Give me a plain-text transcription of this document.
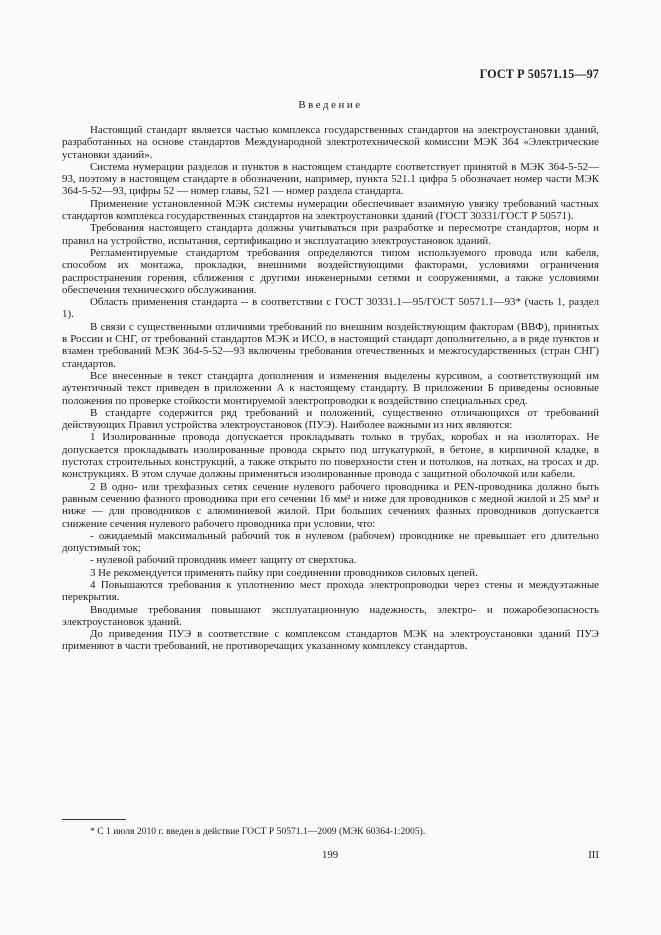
ГОСТ Р 50571.15—97
Введение

Настоящий стандарт является частью комплекса государственных стандартов на электроустановки зданий, разработанных на основе стандартов Международной электротехнической комиссии МЭК 364 «Электрические установки зданий».

Система нумерации разделов и пунктов в настоящем стандарте соответствует принятой в МЭК 364-5-52—93, поэтому в настоящем стандарте в обозначении, например, пункта 521.1 цифра 5 обозначает номер части МЭК 364-5-52—93, цифры 52 — номер главы, 521 — номер раздела стандарта.

Применение установленной МЭК системы нумерации обеспечивает взаимную увязку требований частных стандартов комплекса государственных стандартов на электроустановки зданий (ГОСТ 30331/ГОСТ Р 50571).

Требования настоящего стандарта должны учитываться при разработке и пересмотре стандартов, норм и правил на устройство, испытания, сертификацию и эксплуатацию электроустановок зданий.

Регламентируемые стандартом требования определяются типом используемого провода или кабеля, способом их монтажа, прокладки, внешними воздействующими факторами, условиями ограничения распространения горения, сближения с другими инженерными сетями и сооружениями, а также условиями обеспечения технического обслуживания.

Область применения стандарта -- в соответствии с ГОСТ 30331.1—95/ГОСТ 50571.1—93* (часть 1, раздел 1).

В связи с существенными отличиями требований по внешним воздействующим факторам (ВВФ), принятых в России и СНГ, от требований стандартов МЭК и ИСО, в настоящий стандарт дополнительно, а в ряде пунктов и взамен требований МЭК 364-5-52—93 включены требования отечественных и межгосударственных (стран СНГ) стандартов.

Все внесенные в текст стандарта дополнения и изменения выделены курсивом, а соответствующий им аутентичный текст приведен в приложении А к настоящему стандарту. В приложении Б приведены основные положения по проверке стойкости монтируемой электропроводки к воздействию специальных сред.

В стандарте содержится ряд требований и положений, существенно отличающихся от требований действующих Правил устройства электроустановок (ПУЭ). Наиболее важными из них являются:

1 Изолированные провода допускается прокладывать только в трубах, коробах и на изоляторах. Не допускается прокладывать изолированные провода скрыто под штукатуркой, в бетоне, в кирпичной кладке, в пустотах строительных конструкций, а также открыто по поверхности стен и потолков, на лотках, на тросах и др. конструкциях. В этом случае должны применяться изолированные провода с защитной оболочкой или кабели.

2 В одно- или трехфазных сетях сечение нулевого рабочего проводника и PEN-проводника должно быть равным сечению фазного проводника при его сечении 16 мм² и ниже для проводников с медной жилой и 25 мм² и ниже — для проводников с алюминиевой жилой. При больших сечениях фазных проводников допускается снижение сечения нулевого рабочего проводника при условии, что:

- ожидаемый максимальный рабочий ток в нулевом (рабочем) проводнике не превышает его длительно допустимый ток;

- нулевой рабочий проводник имеет защиту от сверхтока.

3 Не рекомендуется применять пайку при соединении проводников силовых цепей.

4 Повышаются требования к уплотнению мест прохода электропроводки через стены и междуэтажные перекрытия.

Вводимые требования повышают эксплуатационную надежность, электро- и пожаробезопасность электроустановок зданий.

До приведения ПУЭ в соответствие с комплексом стандартов МЭК на электроустановки зданий ПУЭ применяют в части требований, не противоречащих указанному комплексу стандартов.

* С 1 июля 2010 г. введен в действие ГОСТ Р 50571.1—2009 (МЭК 60364-1:2005).
199	III
